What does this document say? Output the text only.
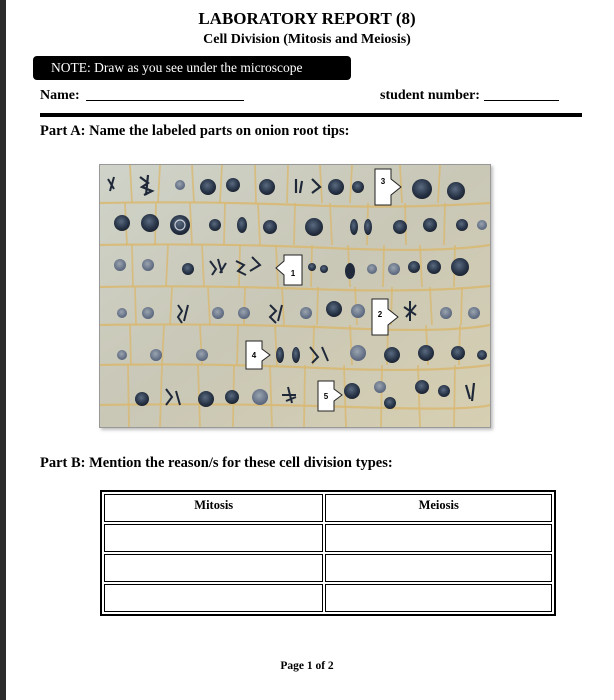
LABORATORY REPORT (8)
Cell Division (Mitosis and Meiosis)
NOTE: Draw as you see under the microscope
Name:	student number:
Part A: Name the labeled parts on onion root tips:
3
1
2
4
5
Part B: Mention the reason/s for these cell division types:
Mitosis	Meiosis

Page 1 of 2
